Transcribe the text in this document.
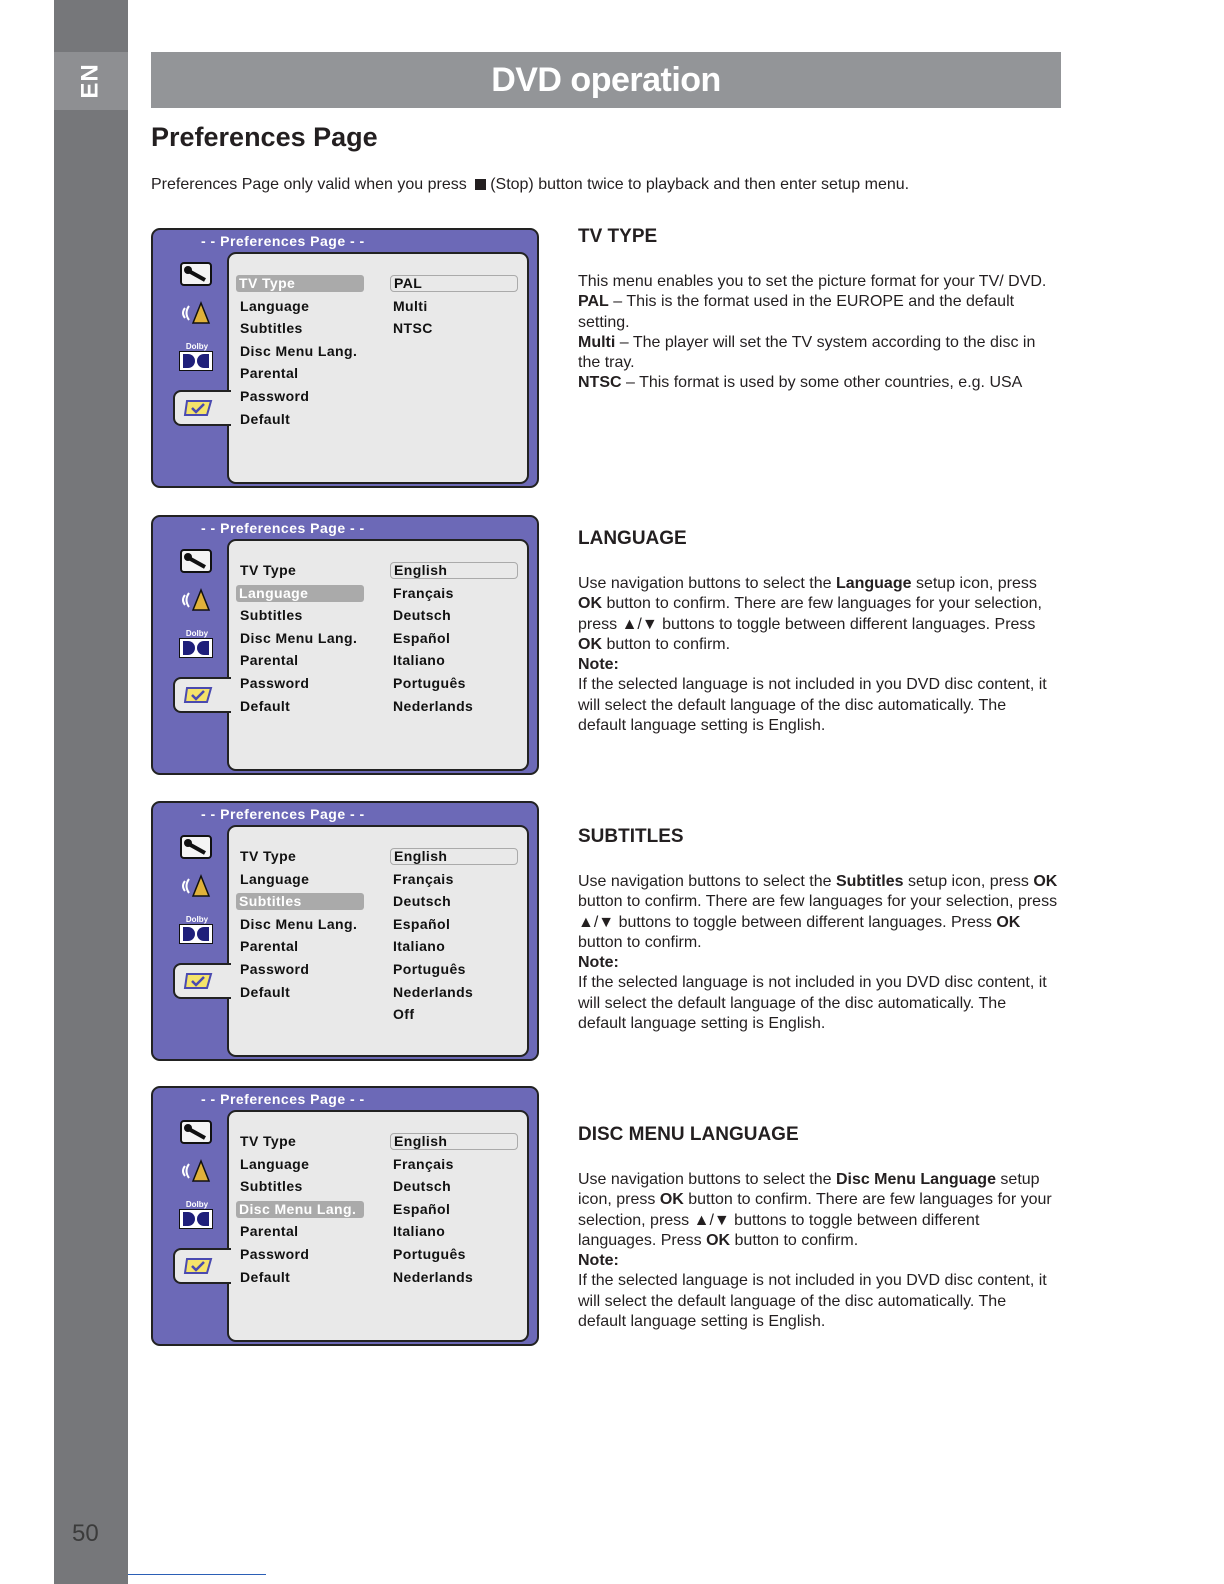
EN
50
DVD operation
Preferences Page
Preferences Page only valid when you press (Stop) button twice to playback and then enter setup menu.
- - Preferences Page - -
Dolby
TV Type
Language
Subtitles
Disc Menu Lang.
Parental
Password
Default
PAL
Multi
NTSC
- - Preferences Page - -
Dolby
TV Type
Language
Subtitles
Disc Menu Lang.
Parental
Password
Default
English
Français
Deutsch
Español
Italiano
Português
Nederlands
- - Preferences Page - -
Dolby
TV Type
Language
Subtitles
Disc Menu Lang.
Parental
Password
Default
English
Français
Deutsch
Español
Italiano
Português
Nederlands
Off
- - Preferences Page - -
Dolby
TV Type
Language
Subtitles
Disc Menu Lang.
Parental
Password
Default
English
Français
Deutsch
Español
Italiano
Português
Nederlands
TV TYPE

This menu enables you to set the picture format for your TV/ DVD.
PAL – This is the format used in the EUROPE and the default setting.
Multi – The player will set the TV system according to the disc in the tray.
NTSC – This format is used by some other countries, e.g. USA

LANGUAGE

Use navigation buttons to select the Language setup icon, press OK button to confirm. There are few languages for your selection, press ▲/▼ buttons to toggle between different languages. Press OK button to confirm.
Note:
If the selected language is not included in you DVD disc content, it will select the default language of the disc automatically. The default language setting is English.

SUBTITLES

Use navigation buttons to select the Subtitles setup icon, press OK button to confirm. There are few languages for your selection, press ▲/▼ buttons to toggle between different languages. Press OK button to confirm.
Note:
If the selected language is not included in you DVD disc content, it will select the default language of the disc automatically. The default language setting is English.

DISC MENU LANGUAGE

Use navigation buttons to select the Disc Menu Language setup icon, press OK button to confirm. There are few languages for your selection, press ▲/▼ buttons to toggle between different languages. Press OK button to confirm.
Note:
If the selected language is not included in you DVD disc content, it will select the default language of the disc automatically. The default language setting is English.
